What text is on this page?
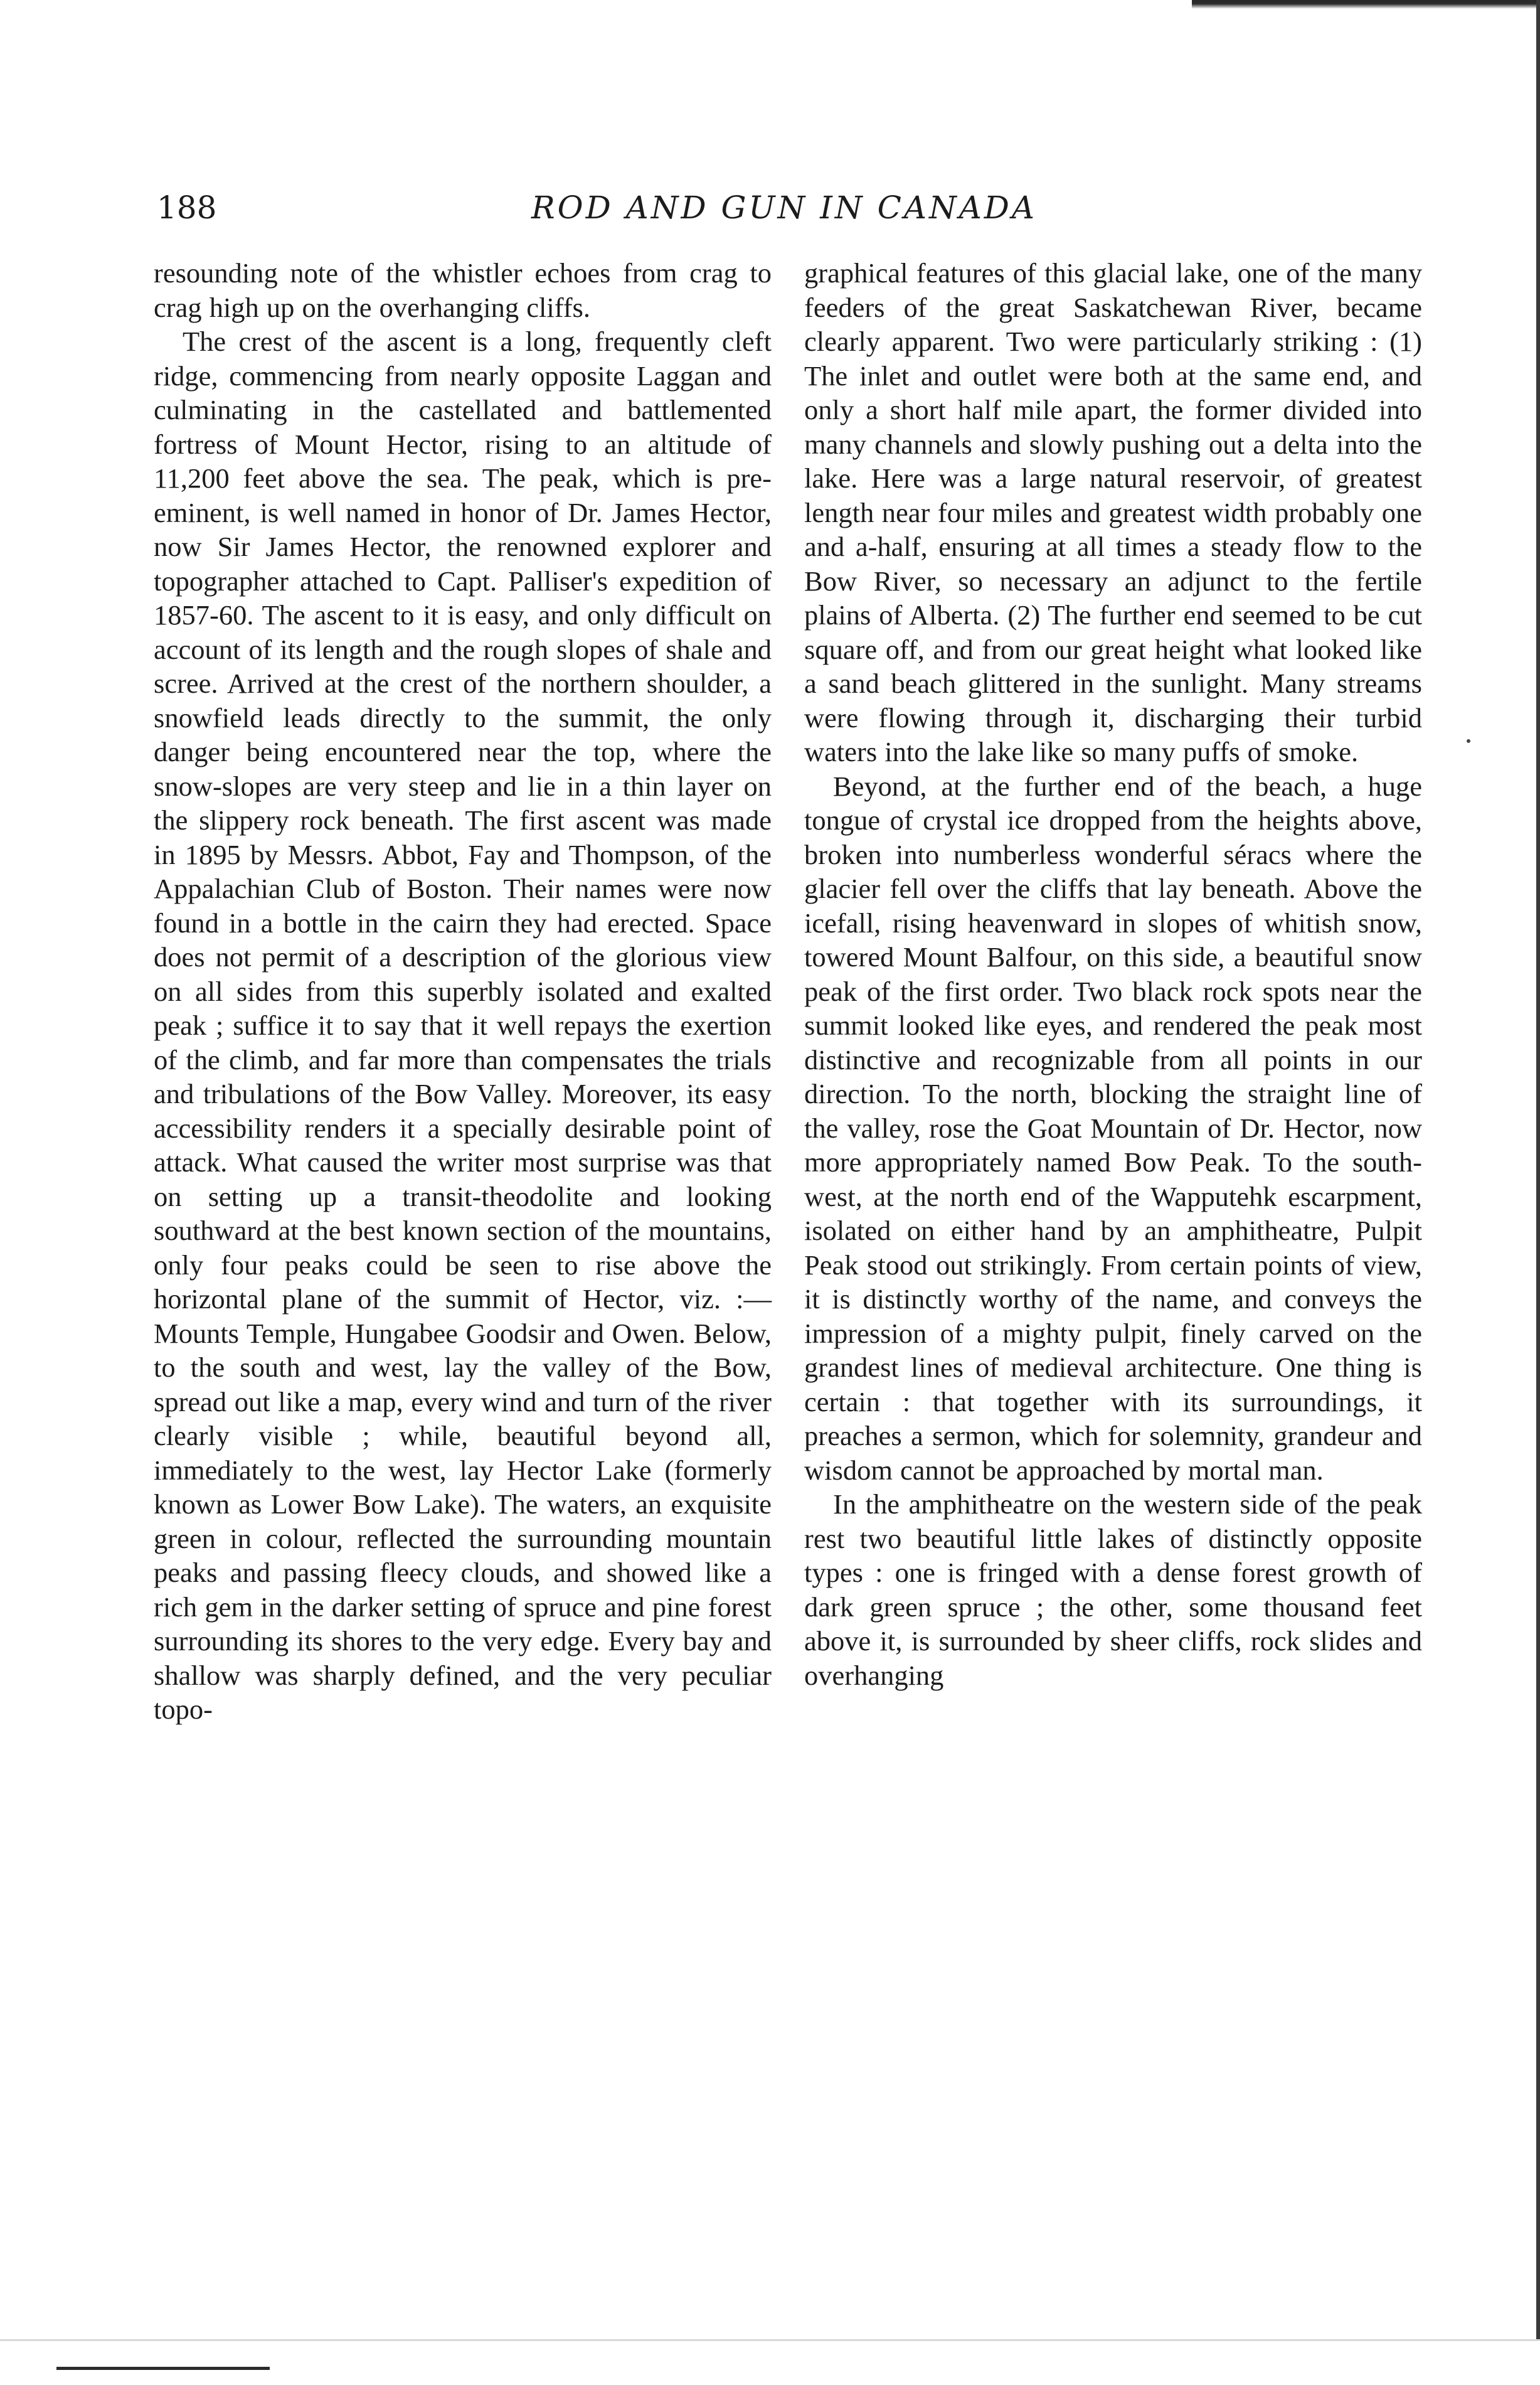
188	ROD AND GUN IN CANADA

resounding note of the whistler echoes from crag to crag high up on the overhanging cliffs.

The crest of the ascent is a long, frequently cleft ridge, commencing from nearly opposite Laggan and culminating in the castellated and battlemented fortress of Mount Hector, rising to an altitude of 11,200 feet above the sea. The peak, which is pre-eminent, is well named in honor of Dr. James Hector, now Sir James Hector, the renowned explorer and topographer attached to Capt. Palliser's expedition of 1857-60. The ascent to it is easy, and only difficult on account of its length and the rough slopes of shale and scree. Arrived at the crest of the northern shoulder, a snowfield leads directly to the summit, the only danger being encountered near the top, where the snow-slopes are very steep and lie in a thin layer on the slippery rock beneath. The first ascent was made in 1895 by Messrs. Abbot, Fay and Thompson, of the Appalachian Club of Boston. Their names were now found in a bottle in the cairn they had erected. Space does not permit of a description of the glorious view on all sides from this superbly isolated and exalted peak ; suffice it to say that it well repays the exertion of the climb, and far more than compensates the trials and tribulations of the Bow Valley. Moreover, its easy accessibility renders it a specially desirable point of attack. What caused the writer most surprise was that on setting up a transit-theodolite and looking southward at the best known section of the mountains, only four peaks could be seen to rise above the horizontal plane of the summit of Hector, viz. :— Mounts Temple, Hungabee Goodsir and Owen. Below, to the south and west, lay the valley of the Bow, spread out like a map, every wind and turn of the river clearly visible ; while, beautiful beyond all, immediately to the west, lay Hector Lake (formerly known as Lower Bow Lake). The waters, an exquisite green in colour, reflected the surrounding mountain peaks and passing fleecy clouds, and showed like a rich gem in the darker setting of spruce and pine forest surrounding its shores to the very edge. Every bay and shallow was sharply defined, and the very peculiar topo-

graphical features of this glacial lake, one of the many feeders of the great Saskatchewan River, became clearly apparent. Two were particularly striking : (1) The inlet and outlet were both at the same end, and only a short half mile apart, the former divided into many channels and slowly pushing out a delta into the lake. Here was a large natural reservoir, of greatest length near four miles and greatest width probably one and a-half, ensuring at all times a steady flow to the Bow River, so necessary an adjunct to the fertile plains of Alberta. (2) The further end seemed to be cut square off, and from our great height what looked like a sand beach glittered in the sunlight. Many streams were flowing through it, discharging their turbid waters into the lake like so many puffs of smoke.

Beyond, at the further end of the beach, a huge tongue of crystal ice dropped from the heights above, broken into numberless wonderful séracs where the glacier fell over the cliffs that lay beneath. Above the icefall, rising heavenward in slopes of whitish snow, towered Mount Balfour, on this side, a beautiful snow peak of the first order. Two black rock spots near the summit looked like eyes, and rendered the peak most distinctive and recognizable from all points in our direction. To the north, blocking the straight line of the valley, rose the Goat Mountain of Dr. Hector, now more appropriately named Bow Peak. To the south-west, at the north end of the Wapputehk escarpment, isolated on either hand by an amphitheatre, Pulpit Peak stood out strikingly. From certain points of view, it is distinctly worthy of the name, and conveys the impression of a mighty pulpit, finely carved on the grandest lines of medieval architecture. One thing is certain : that together with its surroundings, it preaches a sermon, which for solemnity, grandeur and wisdom cannot be approached by mortal man.

In the amphitheatre on the western side of the peak rest two beautiful little lakes of distinctly opposite types : one is fringed with a dense forest growth of dark green spruce ; the other, some thousand feet above it, is surrounded by sheer cliffs, rock slides and overhanging
